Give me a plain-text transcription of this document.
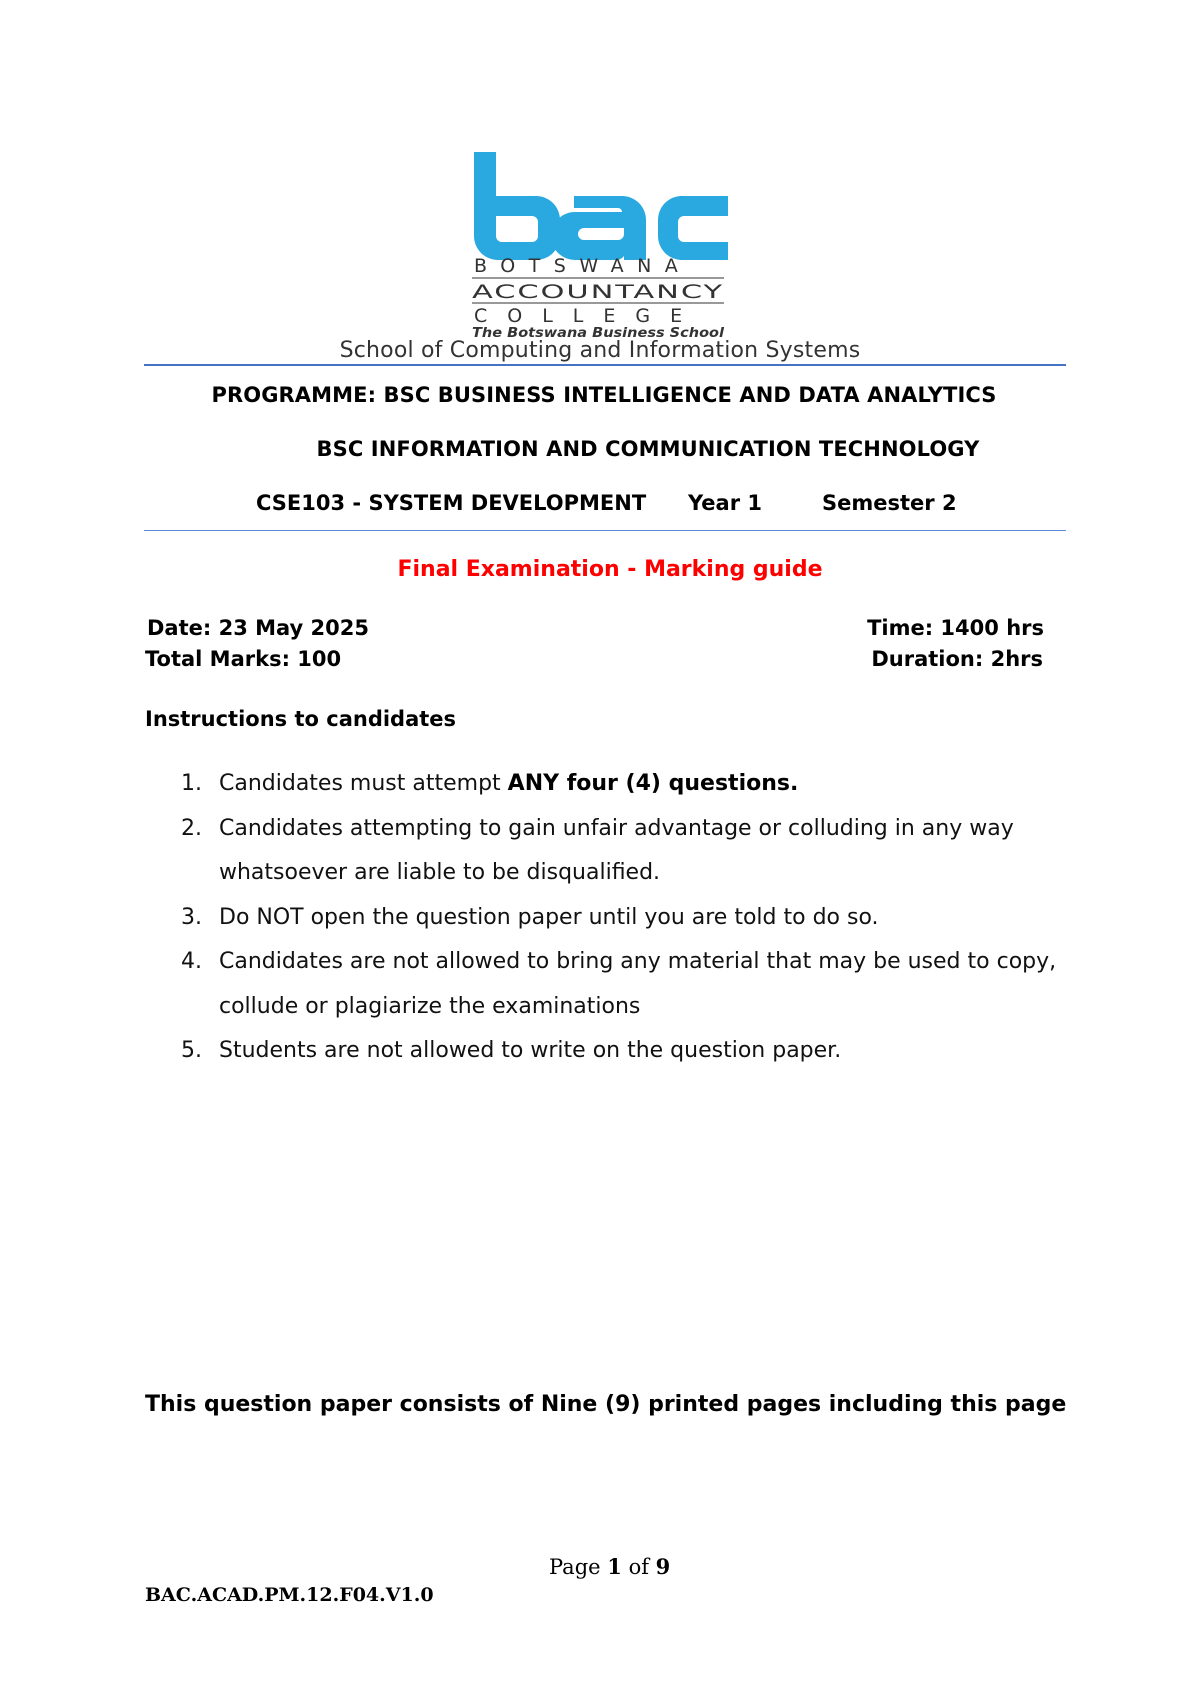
BOTSWANA
ACCOUNTANCY
COLLEGE
The Botswana Business School
School of Computing and Information Systems
PROGRAMME: BSC BUSINESS INTELLIGENCE AND DATA ANALYTICS
BSC INFORMATION AND COMMUNICATION TECHNOLOGY
CSE103 - SYSTEM DEVELOPMENT Year 1	Semester 2
Final Examination - Marking guide
Date: 23 May 2025
Total Marks: 100
Time: 1400 hrs
Duration: 2hrs
Instructions to candidates
1. Candidates must attempt ANY four (4) questions.
2. Candidates attempting to gain unfair advantage or colluding in any way whatsoever are liable to be disqualified.
3. Do NOT open the question paper until you are told to do so.
4. Candidates are not allowed to bring any material that may be used to copy, collude or plagiarize the examinations
5. Students are not allowed to write on the question paper.
This question paper consists of Nine (9) printed pages including this page
Page 1 of 9
BAC.ACAD.PM.12.F04.V1.0
